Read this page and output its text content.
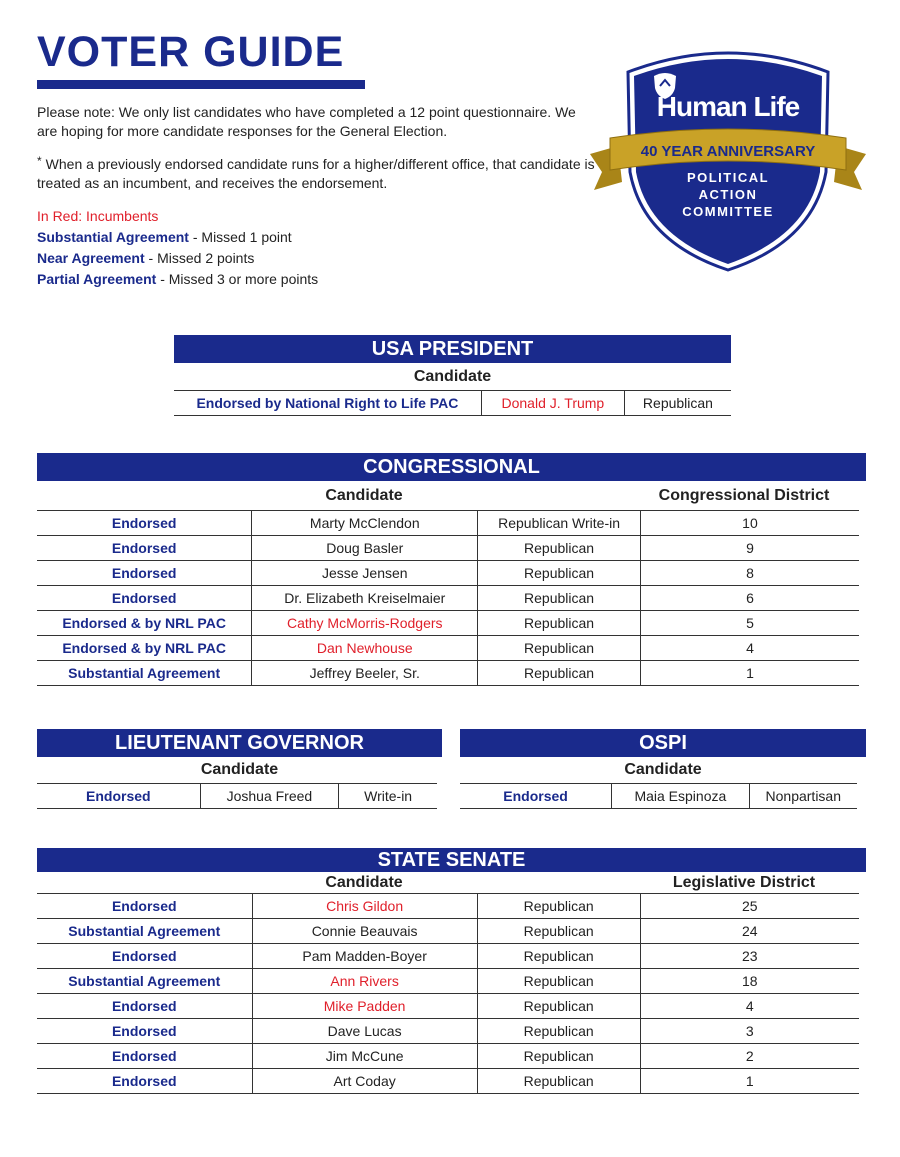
VOTER GUIDE
Please note: We only list candidates who have completed a 12 point questionnaire. We are hoping for more candidate responses for the General Election.
* When a previously endorsed candidate runs for a higher/different office, that candidate is treated as an incumbent, and receives the endorsement.
In Red: Incumbents
Substantial Agreement - Missed 1 point
Near Agreement - Missed 2 points
Partial Agreement - Missed 3 or more points
Human Life
40 YEAR ANNIVERSARY
POLITICAL
ACTION
COMMITTEE
USA PRESIDENT
Candidate
Endorsed by National Right to Life PAC	Donald J. Trump	Republican
CONGRESSIONAL
Candidate	Congressional District
Endorsed	Marty McClendon	Republican Write-in	10
Endorsed	Doug Basler	Republican	9
Endorsed	Jesse Jensen	Republican	8
Endorsed	Dr. Elizabeth Kreiselmaier	Republican	6
Endorsed & by NRL PAC	Cathy McMorris-Rodgers	Republican	5
Endorsed & by NRL PAC	Dan Newhouse	Republican	4
Substantial Agreement	Jeffrey Beeler, Sr.	Republican	1
LIEUTENANT GOVERNOR
Candidate
Endorsed	Joshua Freed	Write-in
OSPI
Candidate
Endorsed	Maia Espinoza	Nonpartisan
STATE SENATE
Candidate	Legislative District
Endorsed	Chris Gildon	Republican	25
Substantial Agreement	Connie Beauvais	Republican	24
Endorsed	Pam Madden-Boyer	Republican	23
Substantial Agreement	Ann Rivers	Republican	18
Endorsed	Mike Padden	Republican	4
Endorsed	Dave Lucas	Republican	3
Endorsed	Jim McCune	Republican	2
Endorsed	Art Coday	Republican	1
